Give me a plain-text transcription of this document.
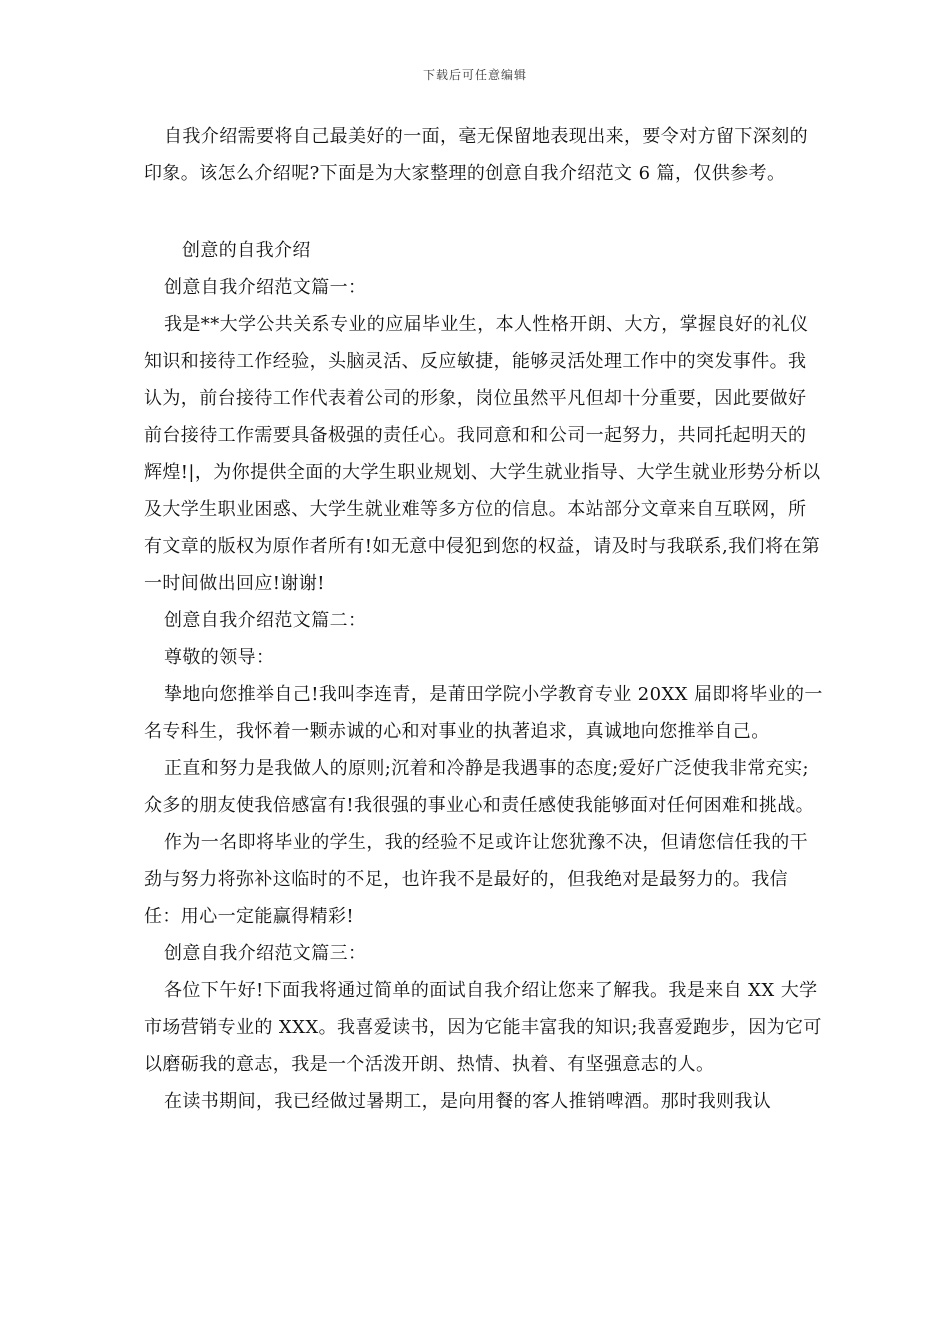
下载后可任意编辑

自我介绍需要将自己最美好的一面，毫无保留地表现出来，要令对方留下深刻的印象。该怎么介绍呢?下面是为大家整理的创意自我介绍范文 6 篇，仅供参考。

创意的自我介绍

创意自我介绍范文篇一：

我是**大学公共关系专业的应届毕业生，本人性格开朗、大方，掌握良好的礼仪知识和接待工作经验，头脑灵活、反应敏捷，能够灵活处理工作中的突发事件。我认为，前台接待工作代表着公司的形象，岗位虽然平凡但却十分重要，因此要做好前台接待工作需要具备极强的责任心。我同意和和公司一起努力，共同托起明天的辉煌!|，为你提供全面的大学生职业规划、大学生就业指导、大学生就业形势分析以及大学生职业困惑、大学生就业难等多方位的信息。本站部分文章来自互联网，所有文章的版权为原作者所有!如无意中侵犯到您的权益，请及时与我联系,我们将在第一时间做出回应!谢谢!

创意自我介绍范文篇二：

尊敬的领导：

挚地向您推举自己!我叫李连青，是莆田学院小学教育专业 20XX 届即将毕业的一名专科生，我怀着一颗赤诚的心和对事业的执著追求，真诚地向您推举自己。

正直和努力是我做人的原则;沉着和冷静是我遇事的态度;爱好广泛使我非常充实;众多的朋友使我倍感富有!我很强的事业心和责任感使我能够面对任何困难和挑战。

作为一名即将毕业的学生，我的经验不足或许让您犹豫不决，但请您信任我的干劲与努力将弥补这临时的不足，也许我不是最好的，但我绝对是最努力的。我信任：用心一定能赢得精彩!

创意自我介绍范文篇三：

各位下午好!下面我将通过简单的面试自我介绍让您来了解我。我是来自 XX 大学市场营销专业的 XXX。我喜爱读书，因为它能丰富我的知识;我喜爱跑步，因为它可以磨砺我的意志，我是一个活泼开朗、热情、执着、有坚强意志的人。

在读书期间，我已经做过暑期工，是向用餐的客人推销啤酒。那时我则我认
